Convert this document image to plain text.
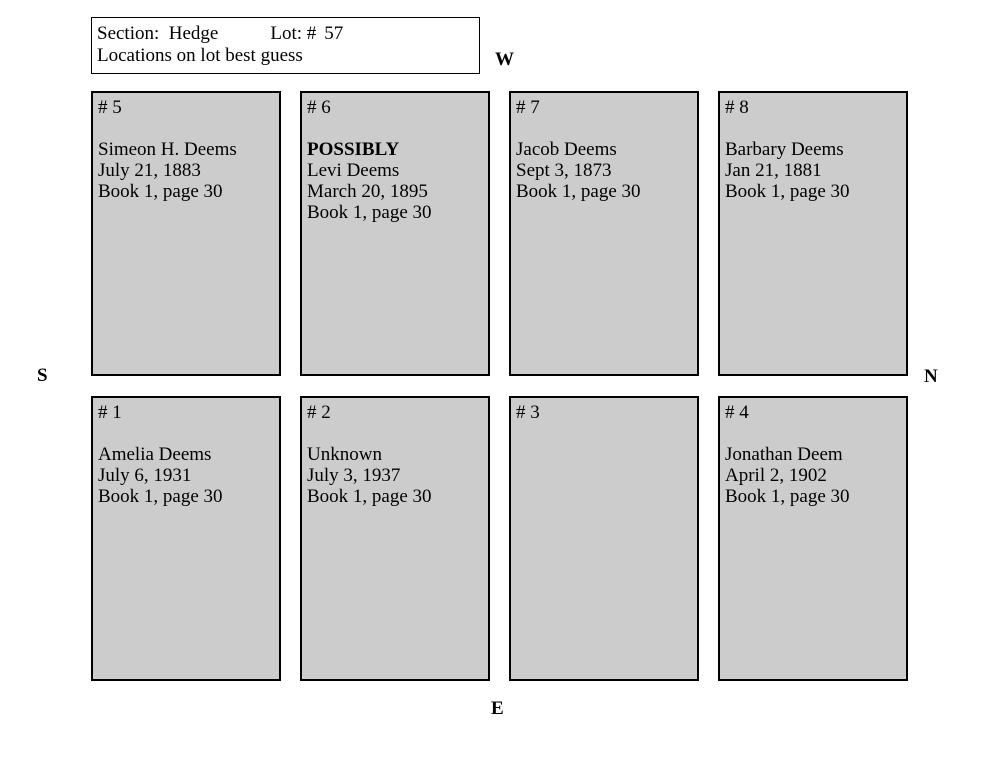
Section: Hedge	Lot: # 57
Locations on lot best guess	W
S	N
E
# 5
Simeon H. Deems
July 21, 1883
Book 1, page 30
# 6
POSSIBLY
Levi Deems
March 20, 1895
Book 1, page 30
# 7
Jacob Deems
Sept 3, 1873
Book 1, page 30
# 8
Barbary Deems
Jan 21, 1881
Book 1, page 30
# 1
Amelia Deems
July 6, 1931
Book 1, page 30
# 2
Unknown
July 3, 1937
Book 1, page 30
# 3	# 4
Jonathan Deem
April 2, 1902
Book 1, page 30
